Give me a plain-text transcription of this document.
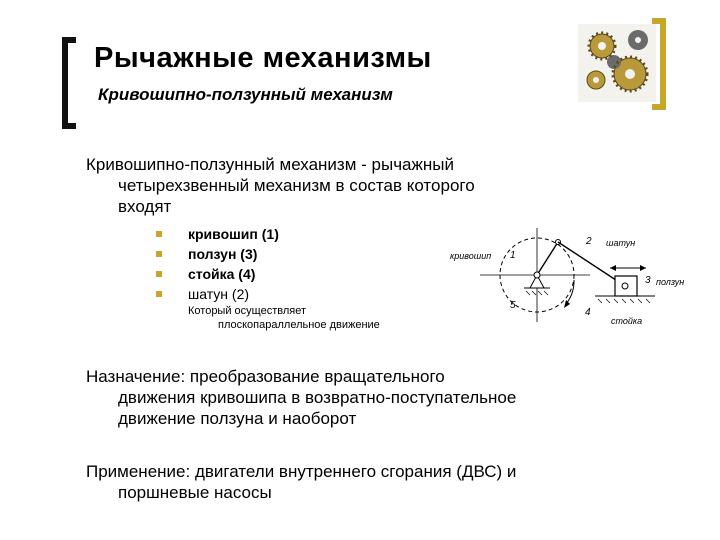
Рычажные механизмы
Кривошипно-ползунный механизм
Кривошипно-ползунный механизм - рычажный
четырехзвенный механизм в состав которого
входят
кривошип (1)
ползун (3)
стойка (4)
шатун (2)
Который осуществляет
плоскопараллельное движение
кривошип 1
2 шатун
3 ползун
4
стойка
5
Назначение: преобразование вращательного
движения кривошипа в возвратно-поступательное
движение ползуна и наоборот
Применение: двигатели внутреннего сгорания (ДВС) и
поршневые насосы
